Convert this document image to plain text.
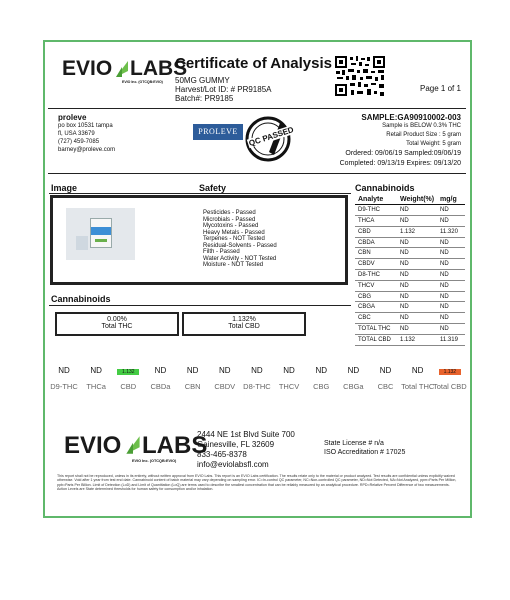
EVIO LABS
EVIO Inc. (OTCQB:EVIO)
Certificate of Analysis
50MG GUMMY
Harvest/Lot ID: # PR9185A
Batch#: PR9185
Page 1 of 1
proleve
po box 10531 tampa
fl, USA 33679
(727) 459-7085
barney@proleve.com
PROLEVE	QC PASSED
SAMPLE:GA90910002-003
Sample is BELOW 0.3% THC
Retail Product Size : 5 gram
Total Weight: 5 gram
Ordered: 09/06/19 Sampled:09/06/19
Completed: 09/13/19 Expires: 09/13/20
Image	Safety	Cannabinoids
Pesticides - Passed
Microbials - Passed
Mycotoxins - Passed
Heavy Metals - Passed
Terpenes - NOT Tested
Residual-Solvents - Passed
Filth - Passed
Water Activity - NOT Tested
Moisture - NOT Tested
Cannabinoids
0.00%
Total THC
1.132%
Total CBD
Analyte	Weight(%)	mg/g
D9-THC	ND	ND
THCA	ND	ND
CBD	1.132	11.320
CBDA	ND	ND
CBN	ND	ND
CBDV	ND	ND
D8-THC	ND	ND
THCV	ND	ND
CBG	ND	ND
CBGA	ND	ND
CBC	ND	ND
TOTAL THC	ND	ND
TOTAL CBD	1.132	11.319
ND
D9-THC
ND
THCa
1.132
CBD
ND
CBDa
ND
CBN
ND
CBDV
ND
D8-THC
ND
THCV
ND
CBG
ND
CBGa
ND
CBC
ND
Total THC
1.132
Total CBD
EVIO LABS
EVIO Inc. (OTCQB:EVIO)
2444 NE 1st Blvd Suite 700
Gainesville, FL 32609
833-465-8378
info@eviolabsfl.com
State License # n/a
ISO Accreditation # 17025
This report shall not be reproduced, unless in its entirety, without written approval from EVIO Labs. This report is an EVIO Labs certification. The results relate only to the material or product analyzed. Test results are confidential unless explicitly waived otherwise. Void after 1 year from test end date. Cannabinoid content of batch material may vary depending on sampling error. IC=In-control QC parameter, NC=Non-controlled QC parameter, ND=Not Detected, NA=Not Analyzed, ppm=Parts Per Million, ppb=Parts Per Billion. Limit of Detection (LoD) and Limit of Quantitation (LoQ) are terms used to describe the smallest concentration that can be reliably measured by an analytical procedure. RPD=Relative Percent Difference of two measurements. Action Levels are State determined thresholds for human safety for consumption and/or inhalation.
